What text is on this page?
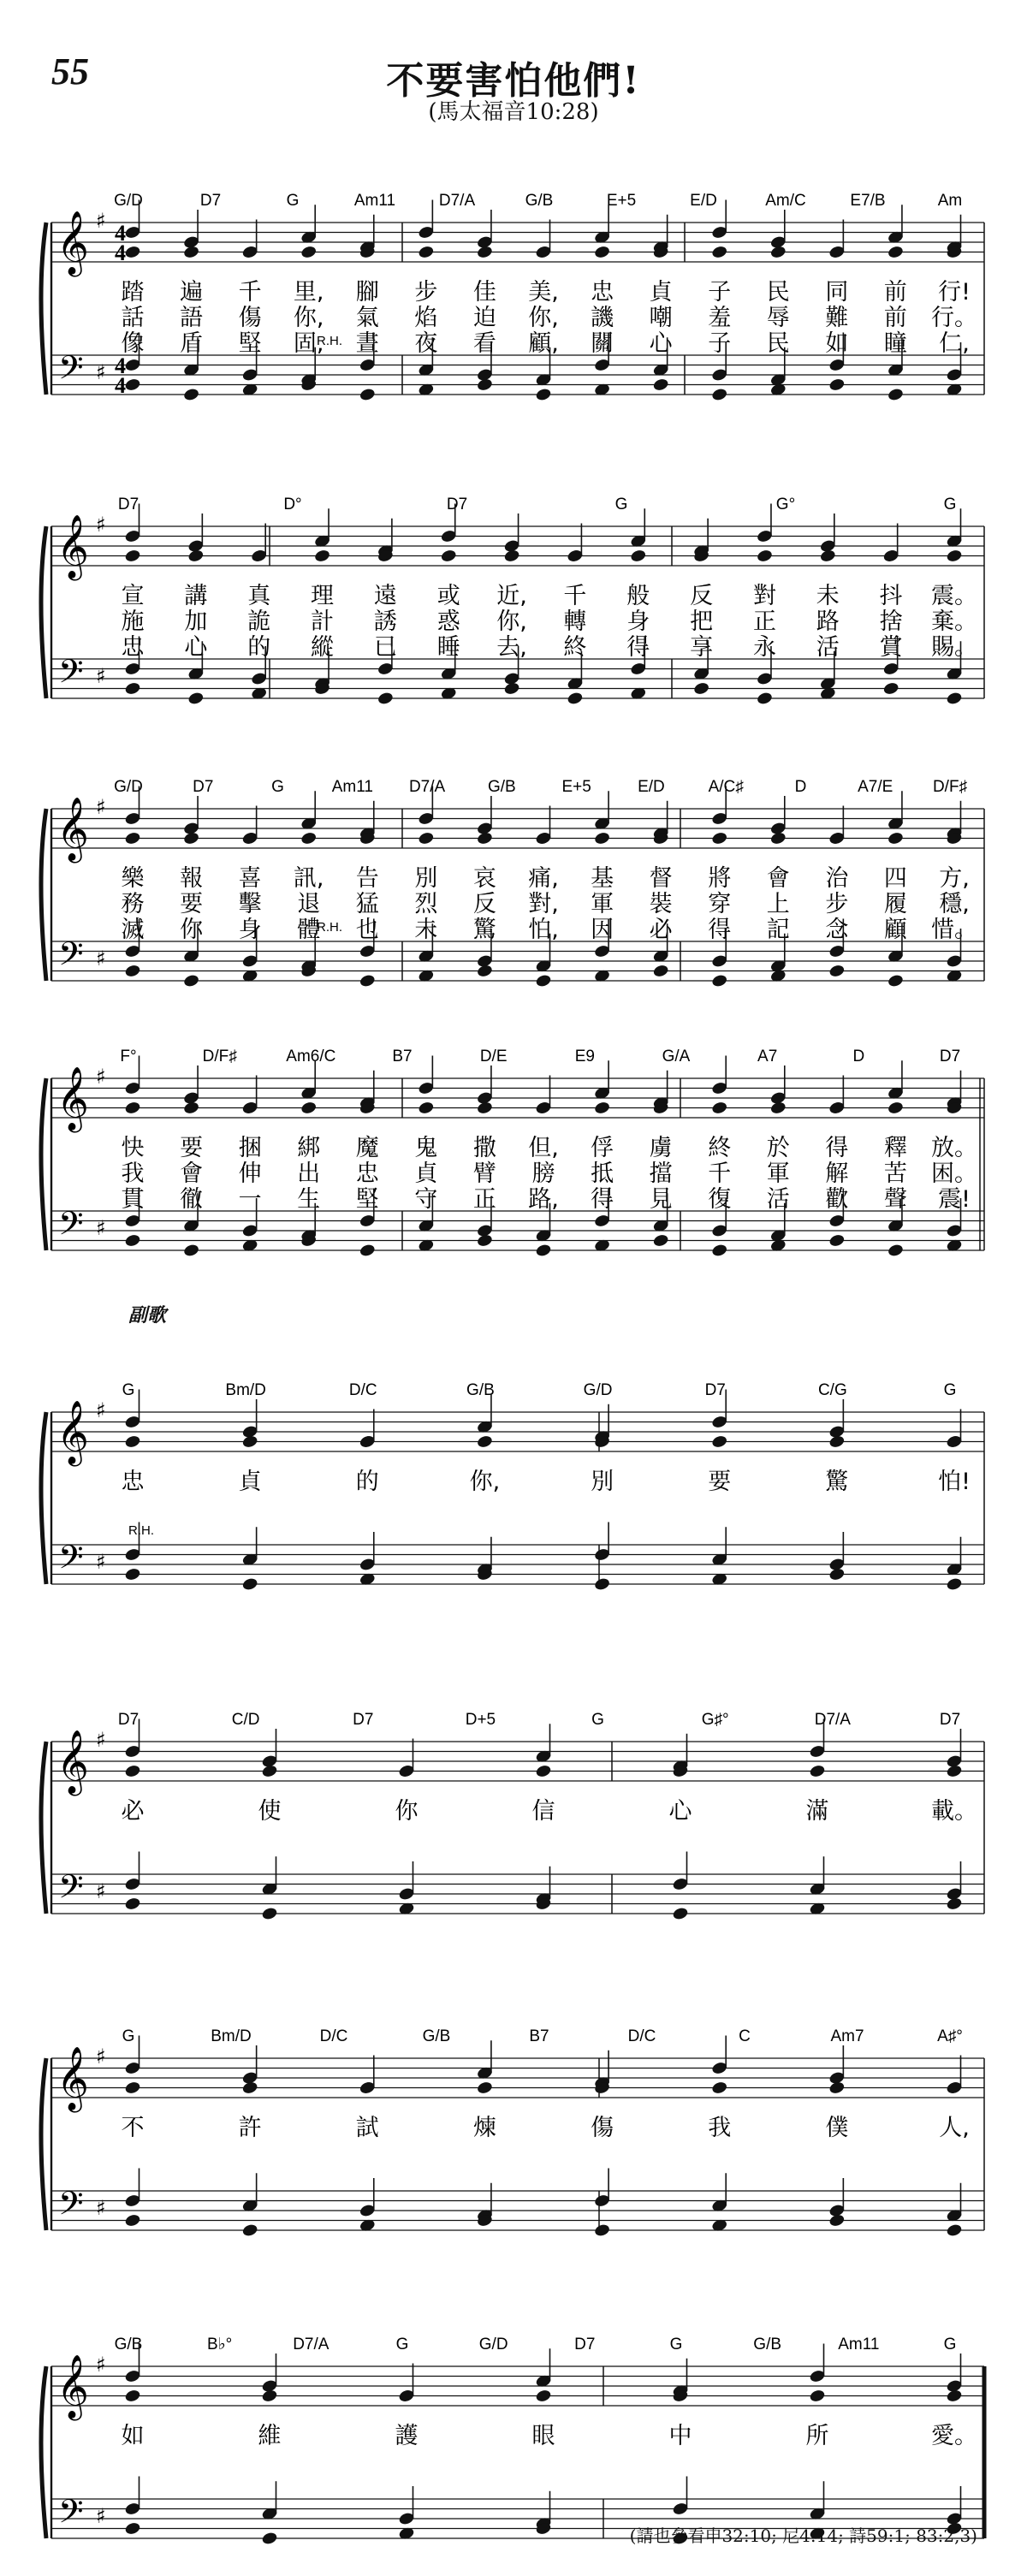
55	不要害怕他們!
(馬太福音10:28)
副歌
G/D	D7	G	Am11	D7/A	G/B	E+5	E/D	Am/C	E7/B	Am
𝄞
𝄢
♯
♯
4
4
4
4
踏 遍 千 里, 腳 步 佳 美, 忠 貞 子 民 同 前 行!
話 語 傷 你, 氣 焰 迫 你, 譏 嘲 羞 辱 難 前 行。
像 盾 堅 固, 晝 夜 看 顧, 關 心 子 民 如 瞳 仁,
R.H.
D7	D°	D7	G	G°	G
𝄞
𝄢
♯
♯
宣 講 真 理 遠 或 近, 千 般 反 對 未 抖 震。
施 加 詭 計 誘 惑 你, 轉 身 把 正 路 捨 棄。
忠 心 的 縱 已 睡 去, 終 得 享 永 活 賞 賜。
G/D	D7	G	Am11 D7/A	G/B	E+5	E/D	A/C♯	D	A7/E D/F♯
𝄞
𝄢
♯
♯
樂 報 喜 訊, 告 別 哀 痛, 基 督 將 會 治 四 方,
務 要 擊 退 猛 烈 反 對, 軍 裝 穿 上 步 履 穩,
滅 你 身 體 也 未 驚 怕, 因 必 得 記 念 顧 惜。
R.H.
F°	D/F♯	Am6/C	B7	D/E	E9	G/A	A7	D	D7
𝄞
𝄢
♯
♯
快 要 捆 綁 魔 鬼 撒 但, 俘 虜 終 於 得 釋 放。
我 會 伸 出 忠 貞 臂 膀 抵 擋 千 軍 解 苦 困。
貫 徹 一 生 堅 守 正 路, 得 見 復 活 歡 聲 震!
G	Bm/D	D/C	G/B	G/D	D7	C/G	G
𝄞
𝄢
♯
♯
忠	貞	的	你,	別	要	驚	怕!
R.H.
D7	C/D	D7	D+5	G	G♯°	D7/A	D7
𝄞
𝄢
♯
♯
必	使	你	信	心	滿	載。
G	Bm/D	D/C	G/B	B7	D/C	C	Am7	A♯°
𝄞
𝄢
♯
♯
不	許	試	煉	傷	我	僕	人,
G/B	B♭°	D7/A	G	G/D	D7	G	G/B	Am11	G
𝄞
𝄢
♯
♯
如	維	護	眼	中	所	愛。
(請也參看申32:10; 尼4:14; 詩59:1; 83:2,3)
